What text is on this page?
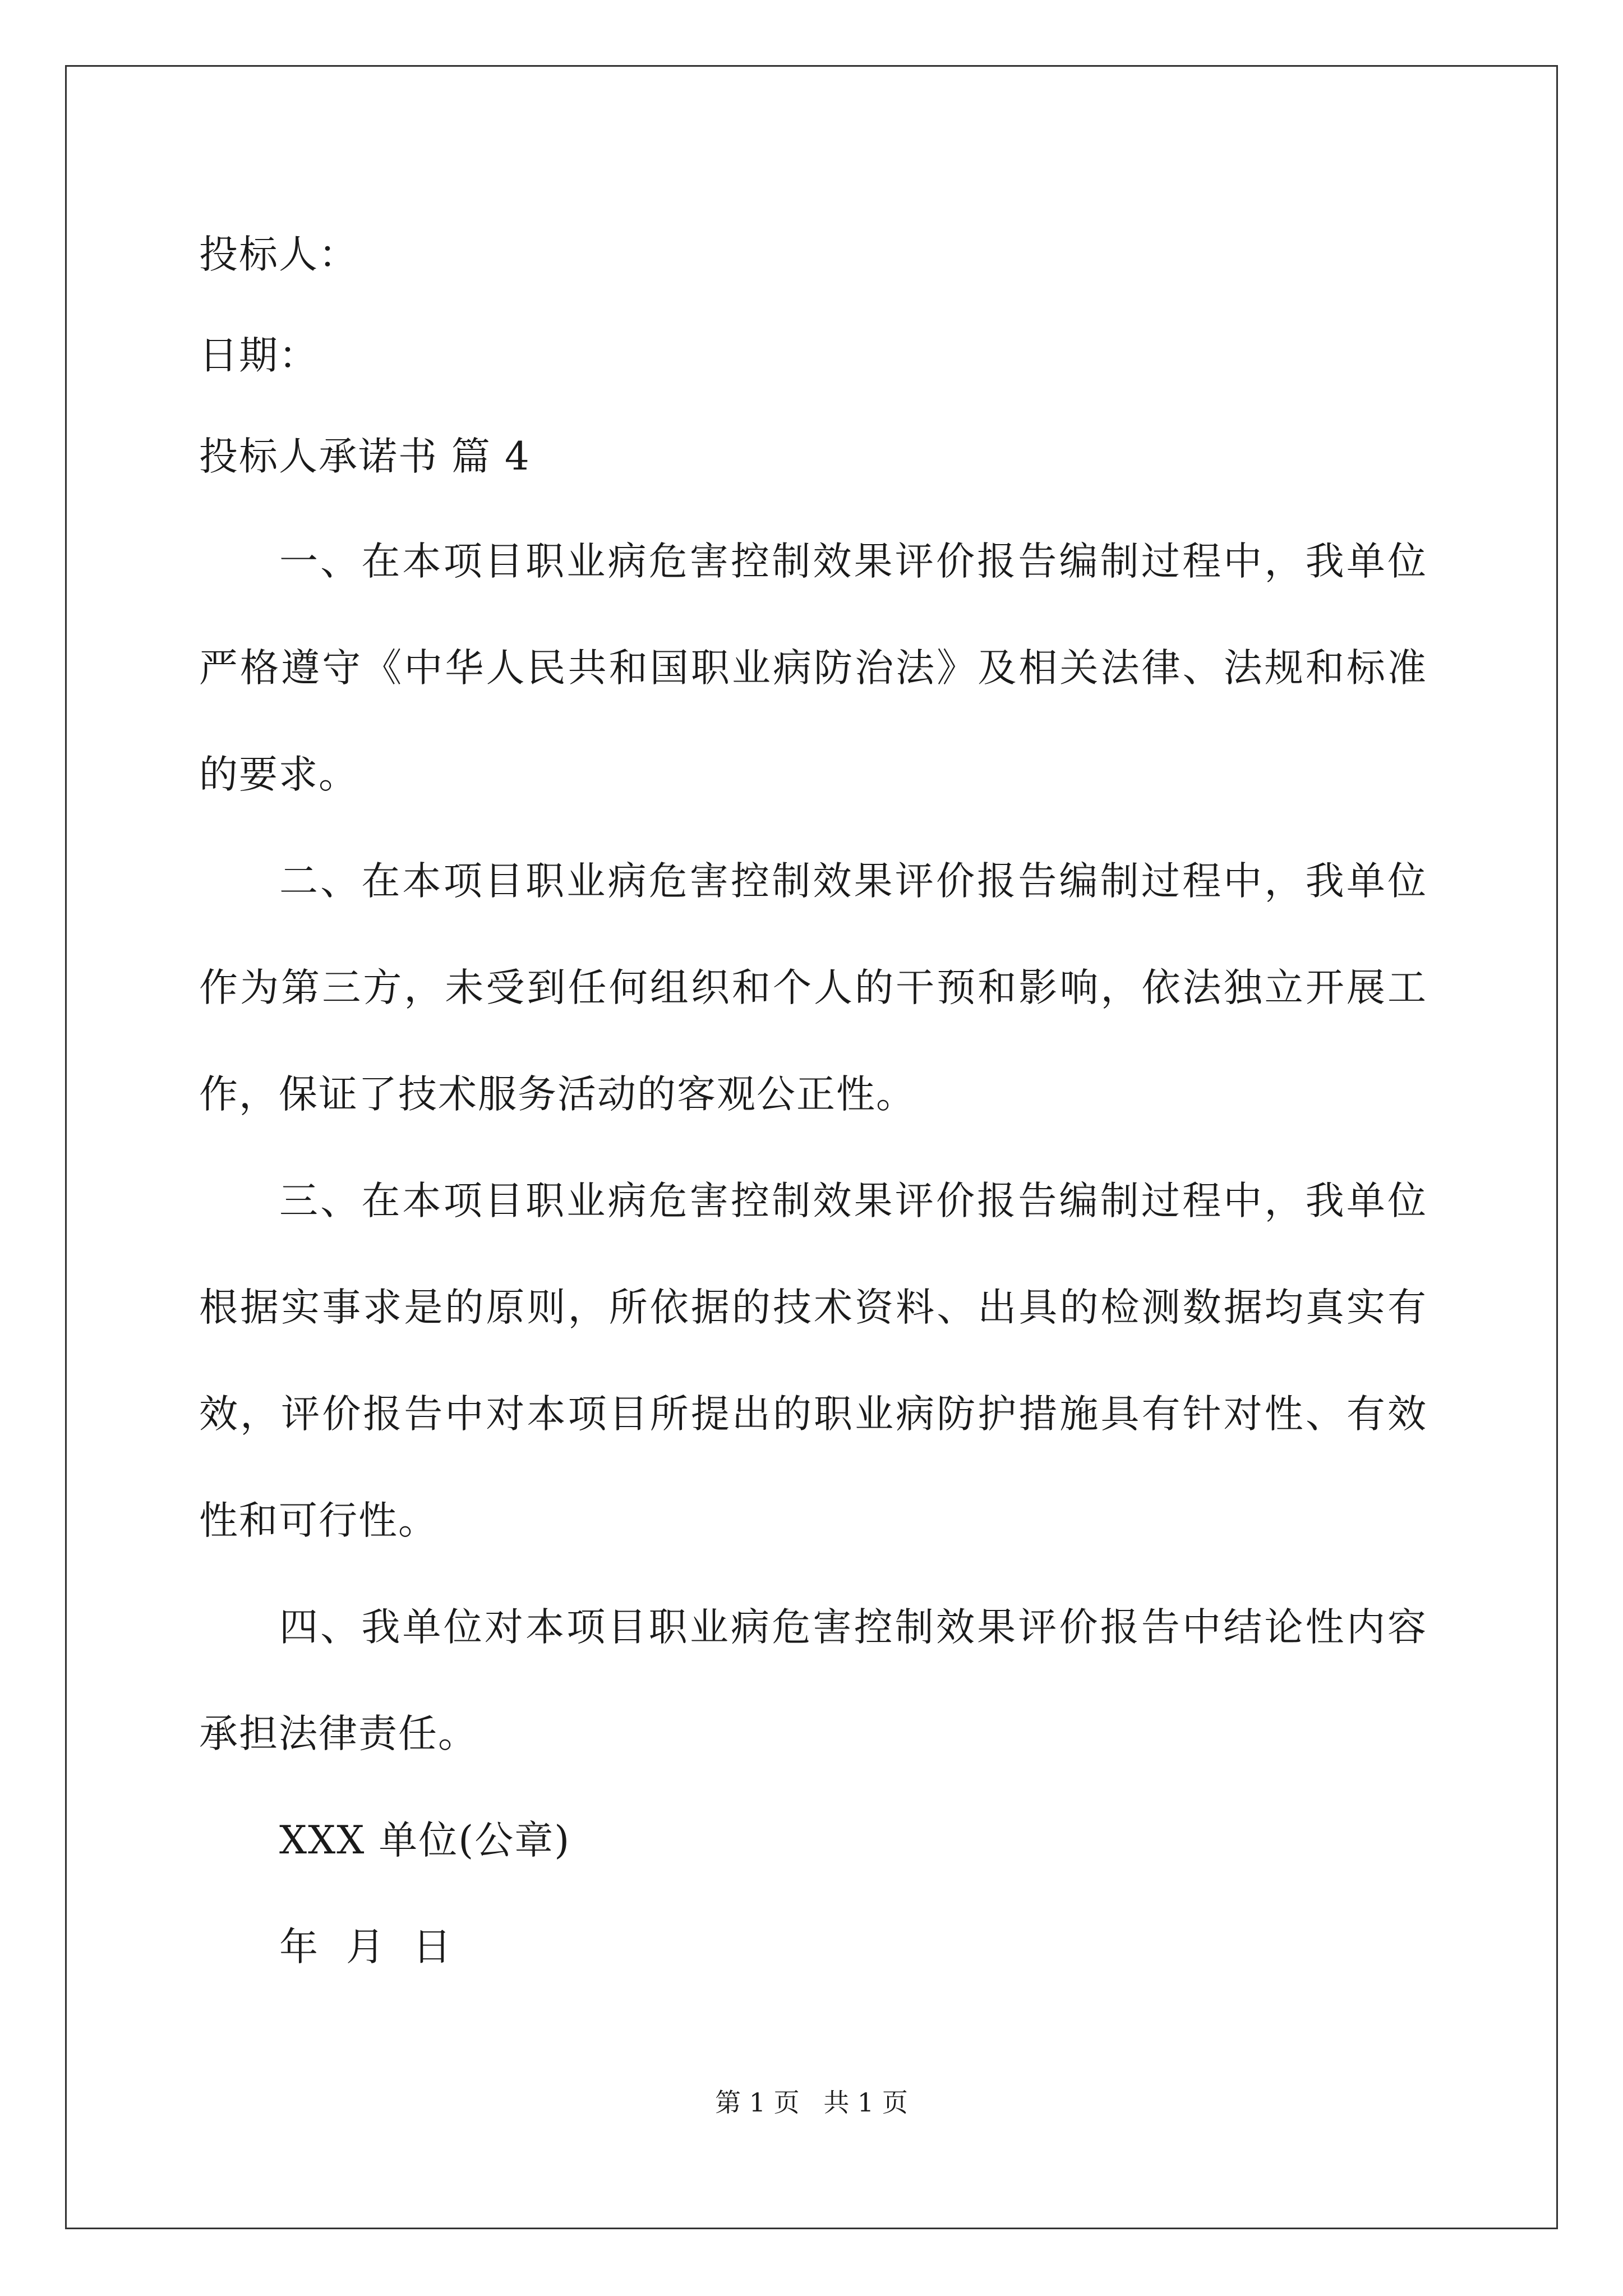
投标人：
日期：
投标人承诺书 篇 4
一、在本项目职业病危害控制效果评价报告编制过程中，我单位
严格遵守《中华人民共和国职业病防治法》及相关法律、法规和标准
的要求。
二、在本项目职业病危害控制效果评价报告编制过程中，我单位
作为第三方，未受到任何组织和个人的干预和影响，依法独立开展工
作，保证了技术服务活动的客观公正性。
三、在本项目职业病危害控制效果评价报告编制过程中，我单位
根据实事求是的原则，所依据的技术资料、出具的检测数据均真实有
效，评价报告中对本项目所提出的职业病防护措施具有针对性、有效
性和可行性。
四、我单位对本项目职业病危害控制效果评价报告中结论性内容
承担法律责任。
XXX 单位(公章)
年  月  日
第 1 页 共 1 页
